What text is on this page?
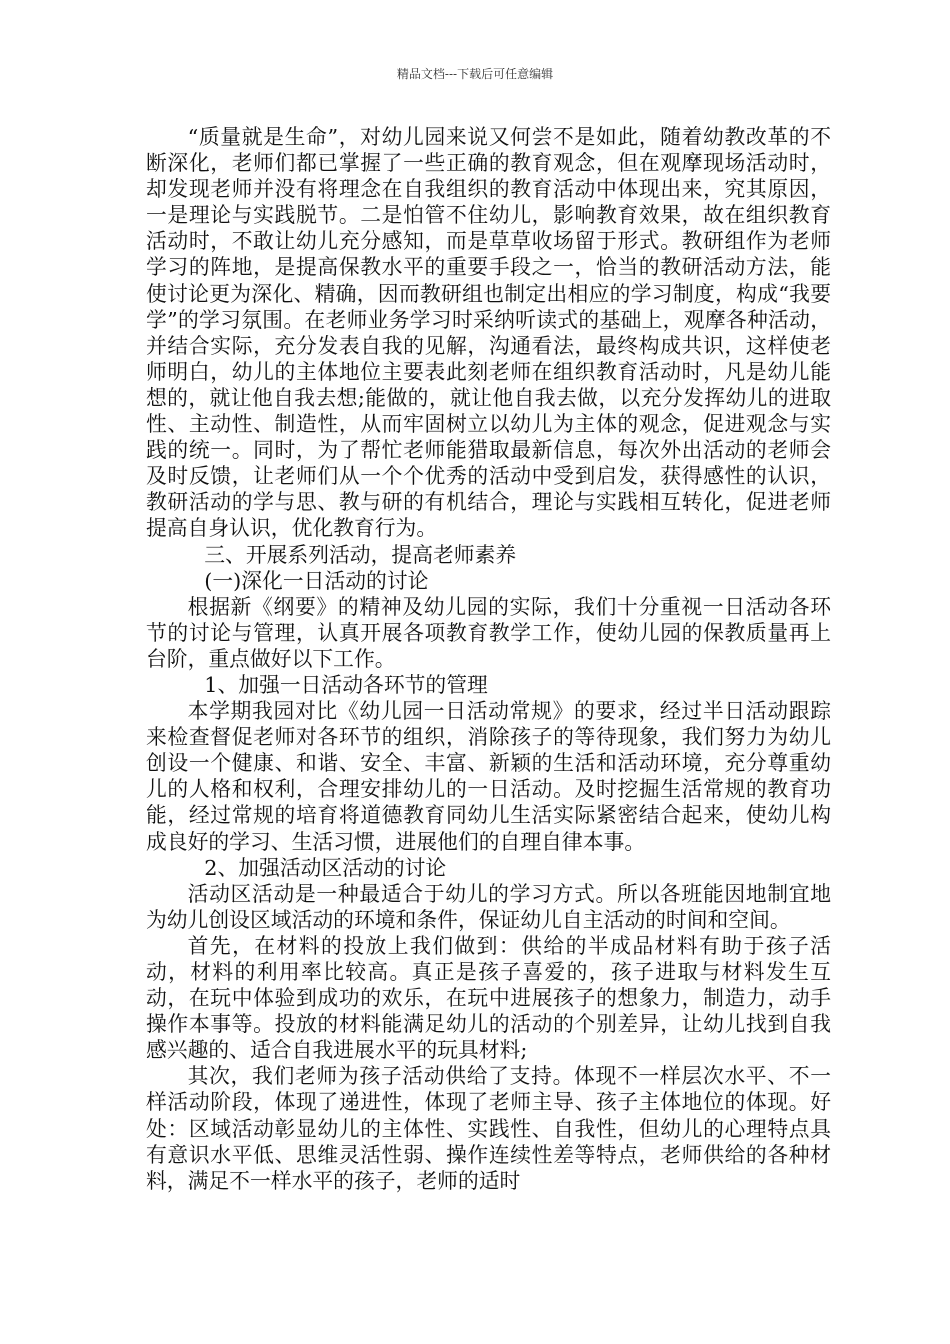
精品文档---下载后可任意编辑

“质量就是生命”，对幼儿园来说又何尝不是如此，随着幼教改革的不断深化，老师们都已掌握了一些正确的教育观念，但在观摩现场活动时，却发现老师并没有将理念在自我组织的教育活动中体现出来，究其原因，一是理论与实践脱节。二是怕管不住幼儿，影响教育效果，故在组织教育活动时，不敢让幼儿充分感知，而是草草收场留于形式。教研组作为老师学习的阵地，是提高保教水平的重要手段之一，恰当的教研活动方法，能使讨论更为深化、精确，因而教研组也制定出相应的学习制度，构成“我要学”的学习氛围。在老师业务学习时采纳听读式的基础上，观摩各种活动，并结合实际，充分发表自我的见解，沟通看法，最终构成共识，这样使老师明白，幼儿的主体地位主要表此刻老师在组织教育活动时，凡是幼儿能想的，就让他自我去想;能做的，就让他自我去做，以充分发挥幼儿的进取性、主动性、制造性，从而牢固树立以幼儿为主体的观念，促进观念与实践的统一。同时，为了帮忙老师能猎取最新信息，每次外出活动的老师会及时反馈，让老师们从一个个优秀的活动中受到启发，获得感性的认识，教研活动的学与思、教与研的有机结合，理论与实践相互转化，促进老师提高自身认识，优化教育行为。

三、开展系列活动，提高老师素养

(一)深化一日活动的讨论

根据新《纲要》的精神及幼儿园的实际，我们十分重视一日活动各环节的讨论与管理，认真开展各项教育教学工作，使幼儿园的保教质量再上台阶，重点做好以下工作。

1、加强一日活动各环节的管理

本学期我园对比《幼儿园一日活动常规》的要求，经过半日活动跟踪来检查督促老师对各环节的组织，消除孩子的等待现象，我们努力为幼儿创设一个健康、和谐、安全、丰富、新颖的生活和活动环境，充分尊重幼儿的人格和权利，合理安排幼儿的一日活动。及时挖掘生活常规的教育功能，经过常规的培育将道德教育同幼儿生活实际紧密结合起来，使幼儿构成良好的学习、生活习惯，进展他们的自理自律本事。

2、加强活动区活动的讨论

活动区活动是一种最适合于幼儿的学习方式。所以各班能因地制宜地为幼儿创设区域活动的环境和条件，保证幼儿自主活动的时间和空间。

首先，在材料的投放上我们做到：供给的半成品材料有助于孩子活动，材料的利用率比较高。真正是孩子喜爱的，孩子进取与材料发生互动，在玩中体验到成功的欢乐，在玩中进展孩子的想象力，制造力，动手操作本事等。投放的材料能满足幼儿的活动的个别差异，让幼儿找到自我感兴趣的、适合自我进展水平的玩具材料;

其次，我们老师为孩子活动供给了支持。体现不一样层次水平、不一样活动阶段，体现了递进性，体现了老师主导、孩子主体地位的体现。好处：区域活动彰显幼儿的主体性、实践性、自我性，但幼儿的心理特点具有意识水平低、思维灵活性弱、操作连续性差等特点，老师供给的各种材料，满足不一样水平的孩子，老师的适时
